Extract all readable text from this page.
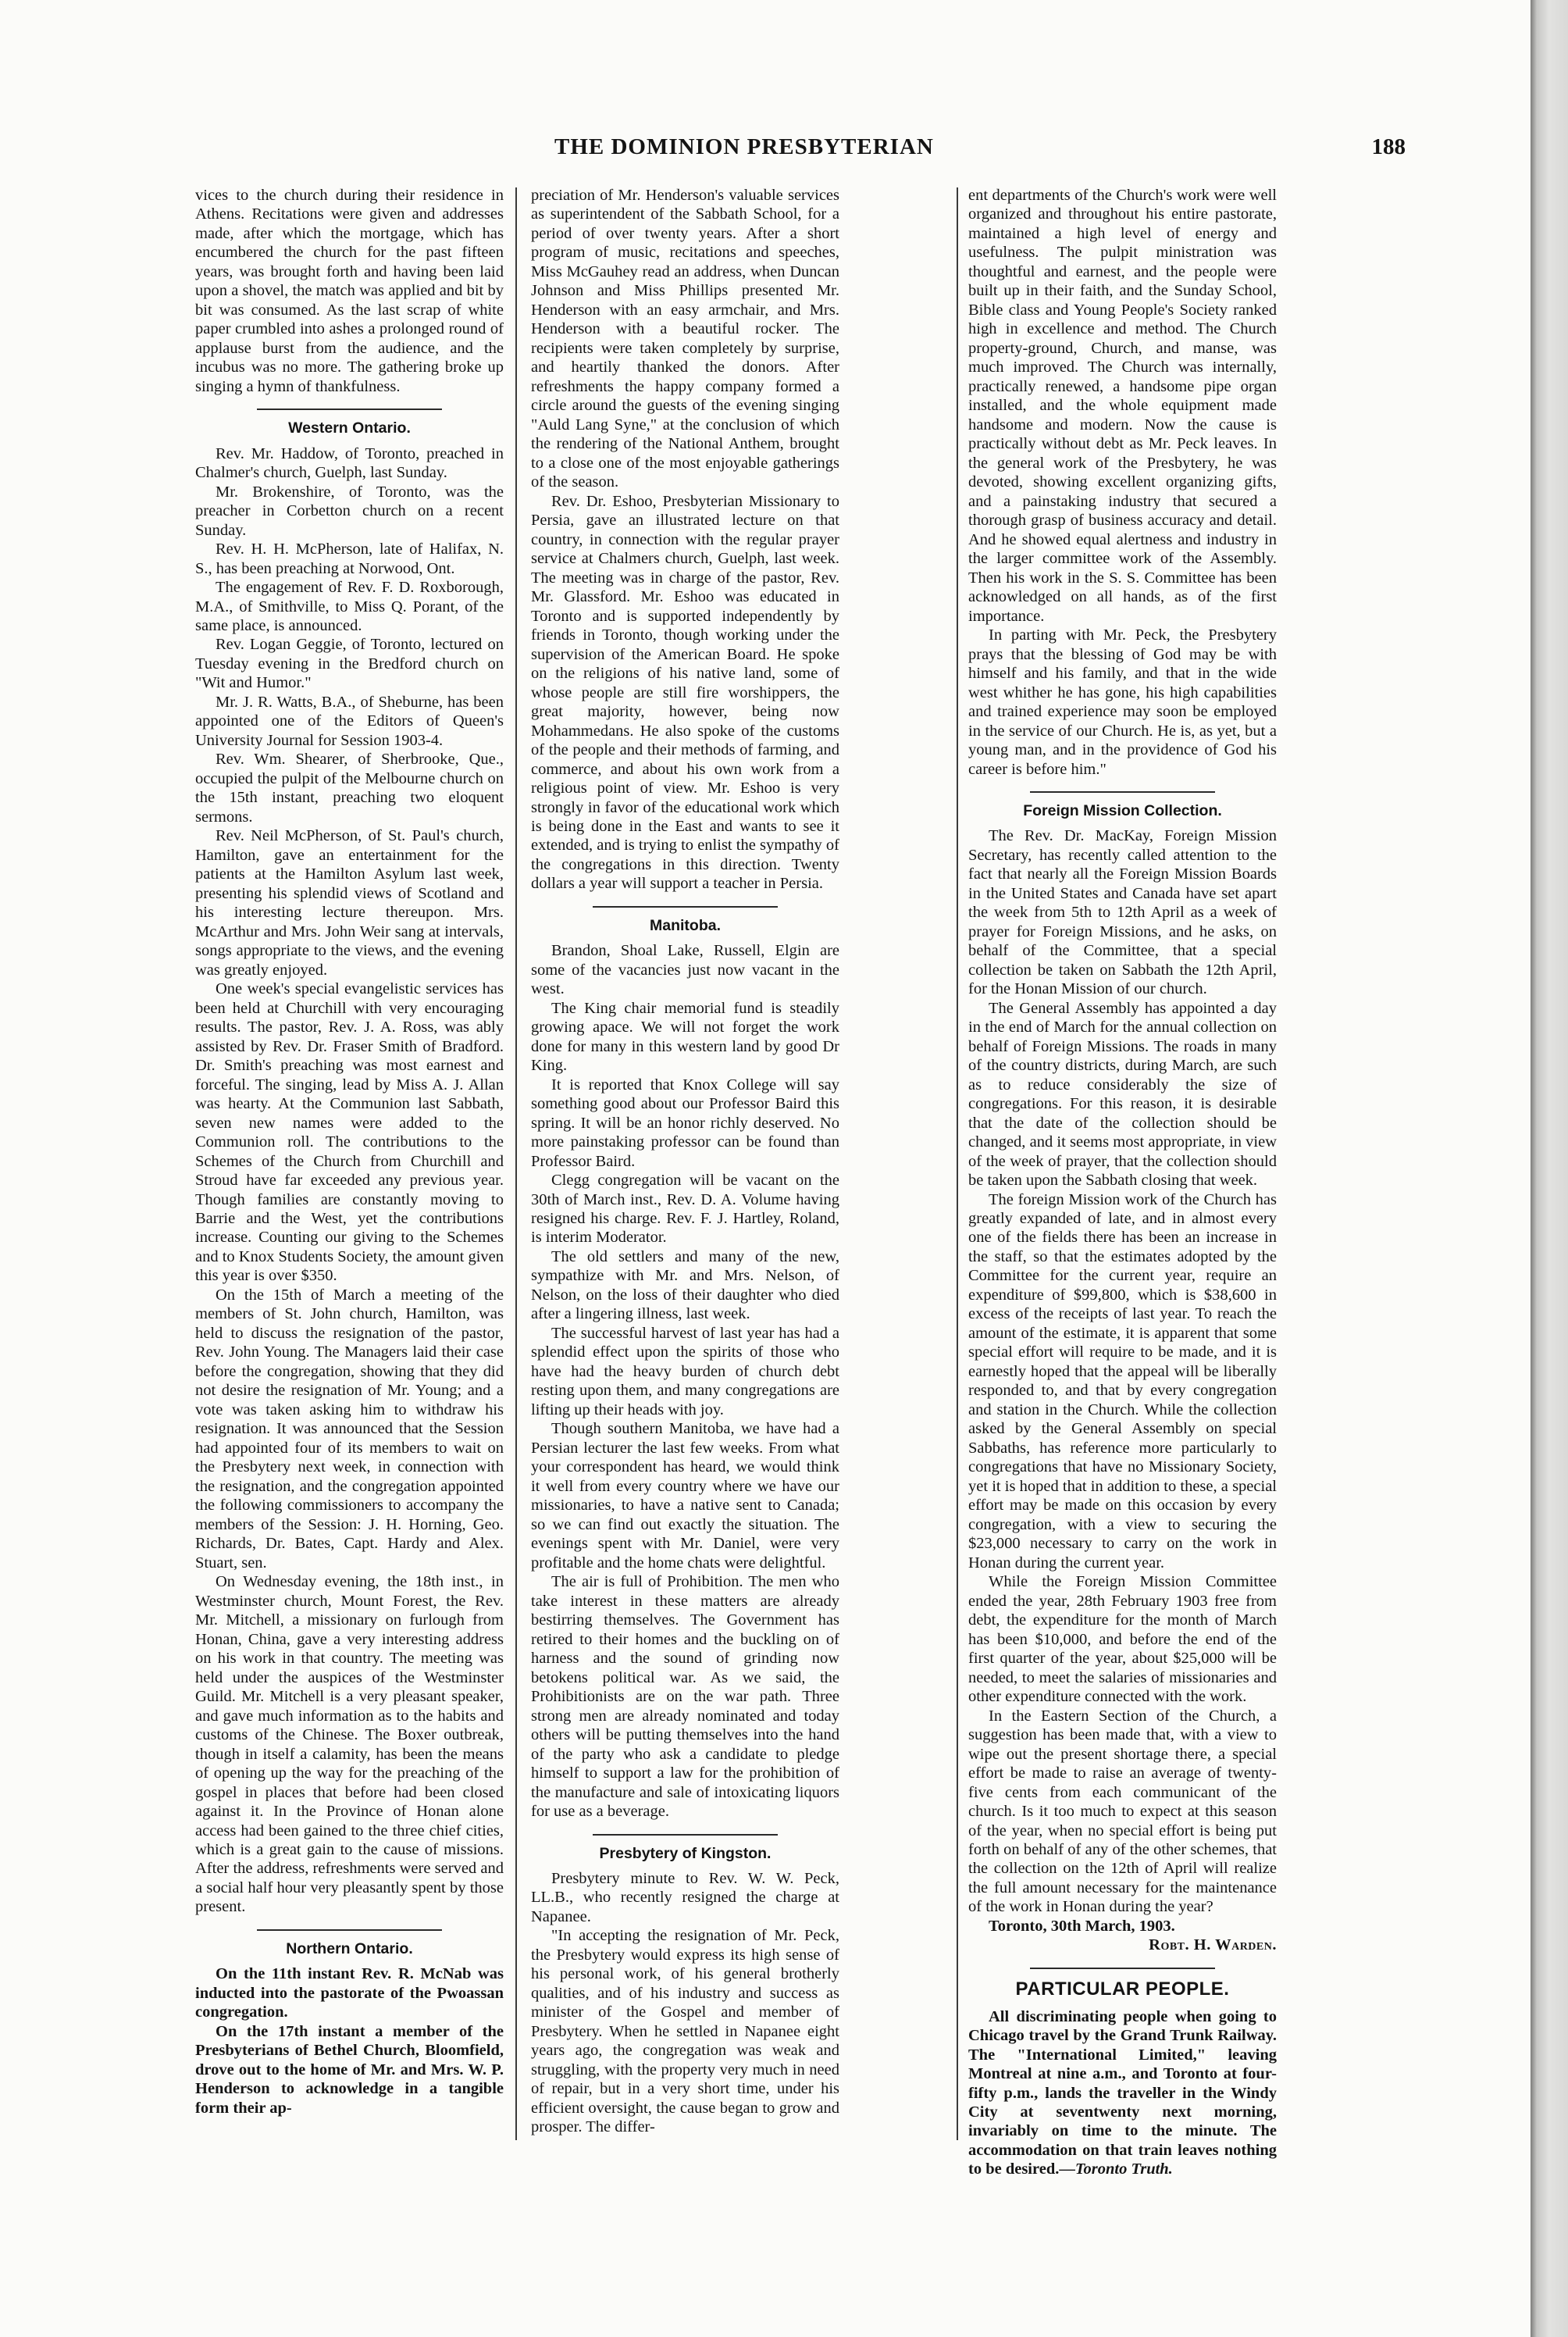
THE DOMINION PRESBYTERIAN	188

vices to the church during their residence in Athens. Recitations were given and addresses made, after which the mortgage, which has encumbered the church for the past fifteen years, was brought forth and having been laid upon a shovel, the match was applied and bit by bit was consumed. As the last scrap of white paper crumbled into ashes a prolonged round of applause burst from the audience, and the incubus was no more. The gathering broke up singing a hymn of thankfulness.

Western Ontario.

Rev. Mr. Haddow, of Toronto, preached in Chalmer's church, Guelph, last Sunday.

Mr. Brokenshire, of Toronto, was the preacher in Corbetton church on a recent Sunday.

Rev. H. H. McPherson, late of Halifax, N. S., has been preaching at Norwood, Ont.

The engagement of Rev. F. D. Roxborough, M.A., of Smithville, to Miss Q. Porant, of the same place, is announced.

Rev. Logan Geggie, of Toronto, lectured on Tuesday evening in the Bredford church on "Wit and Humor."

Mr. J. R. Watts, B.A., of Sheburne, has been appointed one of the Editors of Queen's University Journal for Session 1903-4.

Rev. Wm. Shearer, of Sherbrooke, Que., occupied the pulpit of the Melbourne church on the 15th instant, preaching two eloquent sermons.

Rev. Neil McPherson, of St. Paul's church, Hamilton, gave an entertainment for the patients at the Hamilton Asylum last week, presenting his splendid views of Scotland and his interesting lecture thereupon. Mrs. McArthur and Mrs. John Weir sang at intervals, songs appropriate to the views, and the evening was greatly enjoyed.

One week's special evangelistic services has been held at Churchill with very encouraging results. The pastor, Rev. J. A. Ross, was ably assisted by Rev. Dr. Fraser Smith of Bradford. Dr. Smith's preaching was most earnest and forceful. The singing, lead by Miss A. J. Allan was hearty. At the Communion last Sabbath, seven new names were added to the Communion roll. The contributions to the Schemes of the Church from Churchill and Stroud have far exceeded any previous year. Though families are constantly moving to Barrie and the West, yet the contributions increase. Counting our giving to the Schemes and to Knox Students Society, the amount given this year is over $350.

On the 15th of March a meeting of the members of St. John church, Hamilton, was held to discuss the resignation of the pastor, Rev. John Young. The Managers laid their case before the congregation, showing that they did not desire the resignation of Mr. Young; and a vote was taken asking him to withdraw his resignation. It was announced that the Session had appointed four of its members to wait on the Presbytery next week, in connection with the resignation, and the congregation appointed the following commissioners to accompany the members of the Session: J. H. Horning, Geo. Richards, Dr. Bates, Capt. Hardy and Alex. Stuart, sen.

On Wednesday evening, the 18th inst., in Westminster church, Mount Forest, the Rev. Mr. Mitchell, a missionary on furlough from Honan, China, gave a very interesting address on his work in that country. The meeting was held under the auspices of the Westminster Guild. Mr. Mitchell is a very pleasant speaker, and gave much information as to the habits and customs of the Chinese. The Boxer outbreak, though in itself a calamity, has been the means of opening up the way for the preaching of the gospel in places that before had been closed against it. In the Province of Honan alone access had been gained to the three chief cities, which is a great gain to the cause of missions. After the address, refreshments were served and a social half hour very pleasantly spent by those present.

Northern Ontario.

On the 11th instant Rev. R. McNab was inducted into the pastorate of the Pwoassan congregation.

On the 17th instant a member of the Presbyterians of Bethel Church, Bloomfield, drove out to the home of Mr. and Mrs. W. P. Henderson to acknowledge in a tangible form their ap-

preciation of Mr. Henderson's valuable services as superintendent of the Sabbath School, for a period of over twenty years. After a short program of music, recitations and speeches, Miss McGauhey read an address, when Duncan Johnson and Miss Phillips presented Mr. Henderson with an easy armchair, and Mrs. Henderson with a beautiful rocker. The recipients were taken completely by surprise, and heartily thanked the donors. After refreshments the happy company formed a circle around the guests of the evening singing "Auld Lang Syne," at the conclusion of which the rendering of the National Anthem, brought to a close one of the most enjoyable gatherings of the season.

Rev. Dr. Eshoo, Presbyterian Missionary to Persia, gave an illustrated lecture on that country, in connection with the regular prayer service at Chalmers church, Guelph, last week. The meeting was in charge of the pastor, Rev. Mr. Glassford. Mr. Eshoo was educated in Toronto and is supported independently by friends in Toronto, though working under the supervision of the American Board. He spoke on the religions of his native land, some of whose people are still fire worshippers, the great majority, however, being now Mohammedans. He also spoke of the customs of the people and their methods of farming, and commerce, and about his own work from a religious point of view. Mr. Eshoo is very strongly in favor of the educational work which is being done in the East and wants to see it extended, and is trying to enlist the sympathy of the congregations in this direction. Twenty dollars a year will support a teacher in Persia.

Manitoba.

Brandon, Shoal Lake, Russell, Elgin are some of the vacancies just now vacant in the west.

The King chair memorial fund is steadily growing apace. We will not forget the work done for many in this western land by good Dr King.

It is reported that Knox College will say something good about our Professor Baird this spring. It will be an honor richly deserved. No more painstaking professor can be found than Professor Baird.

Clegg congregation will be vacant on the 30th of March inst., Rev. D. A. Volume having resigned his charge. Rev. F. J. Hartley, Roland, is interim Moderator.

The old settlers and many of the new, sympathize with Mr. and Mrs. Nelson, of Nelson, on the loss of their daughter who died after a lingering illness, last week.

The successful harvest of last year has had a splendid effect upon the spirits of those who have had the heavy burden of church debt resting upon them, and many congregations are lifting up their heads with joy.

Though southern Manitoba, we have had a Persian lecturer the last few weeks. From what your correspondent has heard, we would think it well from every country where we have our missionaries, to have a native sent to Canada; so we can find out exactly the situation. The evenings spent with Mr. Daniel, were very profitable and the home chats were delightful.

The air is full of Prohibition. The men who take interest in these matters are already bestirring themselves. The Government has retired to their homes and the buckling on of harness and the sound of grinding now betokens political war. As we said, the Prohibitionists are on the war path. Three strong men are already nominated and today others will be putting themselves into the hand of the party who ask a candidate to pledge himself to support a law for the prohibition of the manufacture and sale of intoxicating liquors for use as a beverage.

Presbytery of Kingston.

Presbytery minute to Rev. W. W. Peck, LL.B., who recently resigned the charge at Napanee.

"In accepting the resignation of Mr. Peck, the Presbytery would express its high sense of his personal work, of his general brotherly qualities, and of his industry and success as minister of the Gospel and member of Presbytery. When he settled in Napanee eight years ago, the congregation was weak and struggling, with the property very much in need of repair, but in a very short time, under his efficient oversight, the cause began to grow and prosper. The differ-

ent departments of the Church's work were well organized and throughout his entire pastorate, maintained a high level of energy and usefulness. The pulpit ministration was thoughtful and earnest, and the people were built up in their faith, and the Sunday School, Bible class and Young People's Society ranked high in excellence and method. The Church property-ground, Church, and manse, was much improved. The Church was internally, practically renewed, a handsome pipe organ installed, and the whole equipment made handsome and modern. Now the cause is practically without debt as Mr. Peck leaves. In the general work of the Presbytery, he was devoted, showing excellent organizing gifts, and a painstaking industry that secured a thorough grasp of business accuracy and detail. And he showed equal alertness and industry in the larger committee work of the Assembly. Then his work in the S. S. Committee has been acknowledged on all hands, as of the first importance.

In parting with Mr. Peck, the Presbytery prays that the blessing of God may be with himself and his family, and that in the wide west whither he has gone, his high capabilities and trained experience may soon be employed in the service of our Church. He is, as yet, but a young man, and in the providence of God his career is before him."

Foreign Mission Collection.

The Rev. Dr. MacKay, Foreign Mission Secretary, has recently called attention to the fact that nearly all the Foreign Mission Boards in the United States and Canada have set apart the week from 5th to 12th April as a week of prayer for Foreign Missions, and he asks, on behalf of the Committee, that a special collection be taken on Sabbath the 12th April, for the Honan Mission of our church.

The General Assembly has appointed a day in the end of March for the annual collection on behalf of Foreign Missions. The roads in many of the country districts, during March, are such as to reduce considerably the size of congregations. For this reason, it is desirable that the date of the collection should be changed, and it seems most appropriate, in view of the week of prayer, that the collection should be taken upon the Sabbath closing that week.

The foreign Mission work of the Church has greatly expanded of late, and in almost every one of the fields there has been an increase in the staff, so that the estimates adopted by the Committee for the current year, require an expenditure of $99,800, which is $38,600 in excess of the receipts of last year. To reach the amount of the estimate, it is apparent that some special effort will require to be made, and it is earnestly hoped that the appeal will be liberally responded to, and that by every congregation and station in the Church. While the collection asked by the General Assembly on special Sabbaths, has reference more particularly to congregations that have no Missionary Society, yet it is hoped that in addition to these, a special effort may be made on this occasion by every congregation, with a view to securing the $23,000 necessary to carry on the work in Honan during the current year.

While the Foreign Mission Committee ended the year, 28th February 1903 free from debt, the expenditure for the month of March has been $10,000, and before the end of the first quarter of the year, about $25,000 will be needed, to meet the salaries of missionaries and other expenditure connected with the work.

In the Eastern Section of the Church, a suggestion has been made that, with a view to wipe out the present shortage there, a special effort be made to raise an average of twenty-five cents from each communicant of the church. Is it too much to expect at this season of the year, when no special effort is being put forth on behalf of any of the other schemes, that the collection on the 12th of April will realize the full amount necessary for the maintenance of the work in Honan during the year?

Toronto, 30th March, 1903.

Robt. H. Warden.

PARTICULAR PEOPLE.

All discriminating people when going to Chicago travel by the Grand Trunk Railway. The "International Limited," leaving Montreal at nine a.m., and Toronto at four-fifty p.m., lands the traveller in the Windy City at seventwenty next morning, invariably on time to the minute. The accommodation on that train leaves nothing to be desired.—Toronto Truth.
